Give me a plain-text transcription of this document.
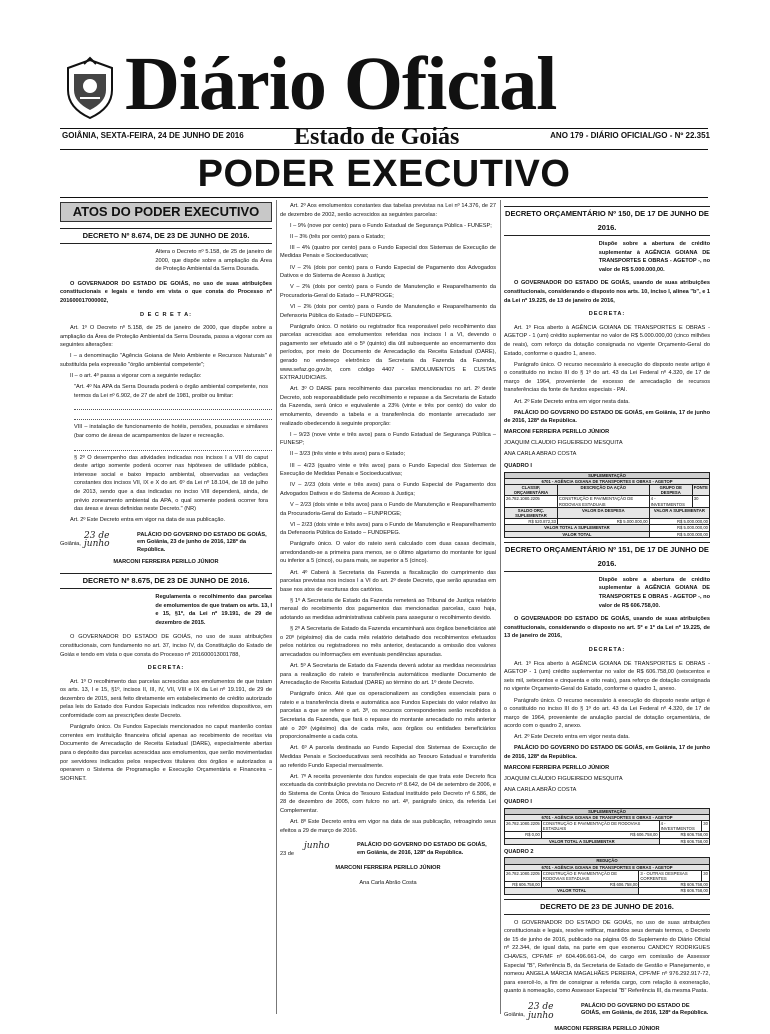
Diário Oficial
GOIÂNIA, SEXTA-FEIRA, 24 DE JUNHO DE 2016 Estado de Goiás	ANO 179 - DIÁRIO OFICIAL/GO - Nº 22.351
PODER EXECUTIVO
ATOS DO PODER EXECUTIVO
DECRETO Nº 8.674, DE 23 DE JUNHO DE 2016.
Altera o Decreto nº 5.158, de 25 de janeiro de 2000, que dispõe sobre a ampliação da Área de Proteção Ambiental da Serra Dourada.

O GOVERNADOR DO ESTADO DE GOIÁS, no uso de suas atribuições constitucionais e legais e tendo em vista o que consta do Processo nº 201600017000002,

D E C R E T A:

Art. 1º O Decreto nº 5.158, de 25 de janeiro de 2000, que dispõe sobre a ampliação da Área de Proteção Ambiental da Serra Dourada, passa a vigorar com as seguintes alterações:

I – a denominação "Agência Goiana de Meio Ambiente e Recursos Naturais" é substituída pela expressão "órgão ambiental competente";

II – o art. 4º passa a vigorar com a seguinte redação:

"Art. 4º Na APA da Serra Dourada poderá o órgão ambiental competente, nos termos da Lei nº 6.902, de 27 de abril de 1981, proibir ou limitar:

VIII – instalação de funcionamento de hotéis, pensões, pousadas e similares (bar como de áreas de acampamentos de lazer e recreação.

§ 2º O desempenho das atividades indicadas nos incisos I a VIII do caput deste artigo somente poderá ocorrer nas hipóteses de utilidade pública, interesse social e baixo impacto ambiental, observadas as vedações constantes dos incisos VII, IX e X do art. 6º da Lei nº 18.104, de 18 de julho de 2013, sendo que a das indicadas no inciso VIII dependerá, ainda, de prévio zoneamento ambiental da APA, o qual somente poderá ocorrer fora das áreas e áreas definidas neste Decreto." (NR)

Art. 2º Este Decreto entra em vigor na data de sua publicação.

Goiânia,
23 de junho
PALÁCIO DO GOVERNO DO ESTADO DE GOIÁS, em Goiânia, 23 de junho de 2016, 128º da República.
MARCONI FERREIRA PERILLO JÚNIOR
DECRETO Nº 8.675, DE 23 DE JUNHO DE 2016.
Regulamenta o recolhimento das parcelas de emolumentos de que tratam os arts. 13, I e 15, §1º, da Lei nº 19.191, de 29 de dezembro de 2015.

O GOVERNADOR DO ESTADO DE GOIÁS, no uso de suas atribuições constitucionais, com fundamento no art. 37, inciso IV, da Constituição do Estado de Goiás e tendo em vista o que consta do Processo nº 201600013001788,

DECRETA:

Art. 1º O recolhimento das parcelas acrescidas aos emolumentos de que tratam os arts. 13, I e 15, §1º, incisos II, III, IV, VII, VIII e IX da Lei nº 19.191, de 29 de dezembro de 2015, será feito diretamente em estabelecimento de crédito autorizado pelas leis do Estado dos Fundos Especiais indicados nos referidos dispositivos, em conformidade com as prescrições deste Decreto.

Parágrafo único. Os Fundos Especiais mencionados no caput manterão contas correntes em instituição financeira oficial apenas ao recebimento de receitas via Documento de Arrecadação de Receita Estadual (DARE), especialmente abertas para o depósito das parcelas acrescidas aos emolumentos, que serão movimentadas por servidores indicados pelos respectivos titulares dos órgãos e autorizados a operarem o Sistema de Programação e Execução Orçamentária e Financeira – SIOFINET.

Art. 2º Aos emolumentos constantes das tabelas previstas na Lei nº 14.376, de 27 de dezembro de 2002, serão acrescidos as seguintes parcelas:

I – 9% (nove por cento) para o Fundo Estadual de Segurança Pública - FUNESP;

II – 3% (três por cento) para o Estado;

III – 4% (quatro por cento) para o Fundo Especial dos Sistemas de Execução de Medidas Penais e Socioeducativas;

IV – 2% (dois por cento) para o Fundo Especial de Pagamento dos Advogados Dativos e do Sistema de Acesso à Justiça;

V – 2% (dois por cento) para o Fundo de Manutenção e Reaparelhamento da Procuradoria-Geral do Estado – FUNPROGE;

VI – 2% (dois por cento) para o Fundo de Manutenção e Reaparelhamento da Defensoria Pública do Estado – FUNDEPEG.

Parágrafo único. O notário ou registrador fica responsável pelo recolhimento das parcelas acrescidas aos emolumentos referidas nos incisos I a VI, devendo o pagamento ser efetuado até o 5º (quinto) dia útil subsequente ao encerramento dos períodos, por meio de Documento de Arrecadação da Receita Estadual (DARE), gerado no endereço eletrônico da Secretaria da Fazenda da Fazenda, www.sefaz.go.gov.br, com código 4407 - EMOLUMENTOS E CUSTAS EXTRAJUDICIAIS.

Art. 3º O DARE para recolhimento das parcelas mencionadas no art. 2º deste Decreto, sob responsabilidade pelo recolhimento e repasse a da Secretaria de Estado da Fazenda, será único e equivalente a 23% (vinte e três por cento) do valor do emolumento, devendo a tabela e a transferência do montante arrecadado ser realizado obedecendo à seguinte proporção:

I – 9/23 (nove vinte e três avos) para o Fundo Estadual de Segurança Pública – FUNESP;

II – 3/23 (três vinte e três avos) para o Estado;

III – 4/23 (quatro vinte e três avos) para o Fundo Especial dos Sistemas de Execução de Medidas Penais e Socioeducativas;

IV – 2/23 (dois vinte e três avos) para o Fundo Especial de Pagamento dos Advogados Dativos e do Sistema de Acesso à Justiça;

V – 2/23 (dois vinte e três avos) para o Fundo de Manutenção e Reaparelhamento da Procuradoria-Geral do Estado – FUNPROGE;

VI – 2/23 (dois vinte e três avos) para o Fundo de Manutenção e Reaparelhamento da Defensoria Pública do Estado – FUNDEPEG.

Parágrafo único. O valor do rateio será calculado com duas casas decimais, arredondando-se a primeira para menos, se o último algarismo do montante for igual ou inferior a 5 (cinco), ou para mais, se superior a 5 (cinco).

Art. 4º Caberá à Secretaria da Fazenda a fiscalização do cumprimento das parcelas previstas nos incisos I a VI do art. 2º deste Decreto, que serão apuradas em base nos atos de escrituras dos cartórios.

§ 1º A Secretaria de Estado da Fazenda remeterá ao Tribunal de Justiça relatório mensal do recebimento dos pagamentos das mencionadas parcelas, caso haja, adotando as medidas administrativas cabíveis para assegurar o recolhimento devido.

§ 2º A Secretaria de Estado da Fazenda encaminhará aos órgãos beneficiários até o 20º (vigésimo) dia de cada mês relatório detalhado dos recolhimentos efetuados pelos notários ou registradores no mês anterior, destacando a omissão dos valores arrecadados ou informações em eventuais pendências apuradas.

Art. 5º A Secretaria de Estado da Fazenda deverá adotar as medidas necessárias para a realização do rateio e transferência automáticos mediante Documento de Arrecadação de Receita Estadual (DARE) ao término do art. 1º deste Decreto.

Parágrafo único. Até que os operacionalizem as condições essenciais para o rateio e a transferência direta e automática aos Fundos Especiais do valor relativo às parcelas a que se refere o art. 3º, os recursos correspondentes serão recolhidos à Secretaria da Fazenda, que fará o repasse do montante arrecadado no mês anterior até o 20º (vigésimo) dia de cada mês, aos órgãos ou entidades beneficiários proporcionalmente a cada cota.

Art. 6º A parcela destinada ao Fundo Especial dos Sistemas de Execução de Medidas Penais e Socioeducativas será recolhida ao Tesouro Estadual e transferida ao referido Fundo Especial mensalmente.

Art. 7º A receita proveniente dos fundos especiais de que trata este Decreto fica excetuada da contribuição prevista no Decreto nº 8.642, de 04 de setembro de 2006, e do Sistema de Conta Única do Tesouro Estadual instituído pelo Decreto nº 6.586, de 28 de dezembro de 2005, com fulcro no art. 4º, parágrafo único, da referida Lei Complementar.

Art. 8º Este Decreto entra em vigor na data de sua publicação, retroagindo seus efeitos a 29 de março de 2016.

23 de
junho	PALÁCIO DO GOVERNO DO ESTADO DE GOIÁS, em Goiânia, de 2016, 128º da República.
MARCONI FERREIRA PERILLO JÚNIOR
Ana Carla Abrão Costa
DECRETO ORÇAMENTÁRIO Nº 150, DE 17 DE JUNHO DE 2016.
Dispõe sobre a abertura de crédito suplementar à AGÊNCIA GOIANA DE TRANSPORTES E OBRAS - AGETOP -, no valor de R$ 5.000.000,00.

O GOVERNADOR DO ESTADO DE GOIÁS, usando de suas atribuições constitucionais, considerando o disposto nos arts. 10, inciso I, alínea "b", e 1 da Lei nº 19.225, de 13 de janeiro de 2016,

DECRETA:

Art. 1º Fica aberto à AGÊNCIA GOIANA DE TRANSPORTES E OBRAS - AGETOP - 1 (um) crédito suplementar no valor de R$ 5.000.000,00 (cinco milhões de reais), com reforço da dotação consignada no vigente Orçamento-Geral do Estado, conforme o quadro 1, anexo.

Parágrafo único. O recurso necessário à execução do disposto neste artigo é o constituído no inciso III do § 1º do art. 43 da Lei Federal nº 4.320, de 17 de março de 1964, proveniente de excesso de arrecadação de recursos transferências da fonte de fundos especiais - PAI.

Art. 2º Este Decreto entra em vigor nesta data.

PALÁCIO DO GOVERNO DO ESTADO DE GOIÁS, em Goiânia, 17 de junho de 2016, 128º da República.

MARCONI FERREIRA PERILLO JÚNIOR

JOAQUIM CLAUDIO FIGUEIREDO MESQUITA

ANA CARLA ABRAO COSTA

QUADRO I
SUPLEMENTAÇÃO			
6701 - AGÊNCIA GOIANA DE TRANSPORTES E OBRAS - AGETOP			
CLASSIF. ORÇAMENTÁRIA	DESCRIÇÃO DA AÇÃO	GRUPO DE DESPESA	FONTE
26.782.1080.2205	CONSTRUÇÃO E PAVIMENTAÇÃO DE RODOVIAS ESTADUAIS	4 - INVESTIMENTOS	30
SALDO ORÇ. SUPLEMENTAR	VALOR DA DESPESA	VALOR A SUPLEMENTAR	
R$ 520.872,33	R$ 5.000.000,00	R$ 5.000.000,00	
VALOR TOTAL A SUPLEMENTAR		R$ 5.000.000,00	
VALOR TOTAL		R$ 5.000.000,00	
DECRETO ORÇAMENTÁRIO Nº 151, DE 17 DE JUNHO DE 2016.
Dispõe sobre a abertura de crédito suplementar à AGÊNCIA GOIANA DE TRANSPORTES E OBRAS - AGETOP -, no valor de R$ 606.758,00.

O GOVERNADOR DO ESTADO DE GOIÁS, usando de suas atribuições constitucionais, considerando o disposto no art. 5º e 1º da Lei nº 19.225, de 13 de janeiro de 2016,

DECRETA:

Art. 1º Fica aberto à AGÊNCIA GOIANA DE TRANSPORTES E OBRAS - AGETOP - 1 (um) crédito suplementar no valor de R$ 606.758,00 (seiscentos e seis mil, setecentos e cinquenta e oito reais), para reforço de dotação consignada no vigente Orçamento-Geral do Estado, conforme o quadro 1, anexo.

Parágrafo único. O recurso necessário à execução do disposto neste artigo é o constituído no inciso III do § 1º do art. 43 da Lei Federal nº 4.320, de 17 de março de 1964, proveniente de anulação parcial de dotação orçamentária, de acordo com o quadro 2, anexo.

Art. 2º Este Decreto entra em vigor nesta data.

PALÁCIO DO GOVERNO DO ESTADO DE GOIÁS, em Goiânia, 17 de junho de 2016, 128º da República.

MARCONI FERREIRA PERILLO JÚNIOR

JOAQUIM CLÁUDIO FIGUEIREDO MESQUITA

ANA CARLA ABRÃO COSTA

QUADRO I
SUPLEMENTAÇÃO			
6701 - AGÊNCIA GOIANA DE TRANSPORTES E OBRAS - AGETOP			
26.782.1080.2205	CONSTRUÇÃO E PAVIMENTAÇÃO DE RODOVIAS ESTADUAIS	4 - INVESTIMENTOS	30
R$ 0,00	R$ 606.758,00	R$ 606.758,00	
VALOR TOTAL A SUPLEMENTAR		R$ 606.758,00	
QUADRO 2
REDUÇÃO			
6701 - AGÊNCIA GOIANA DE TRANSPORTES E OBRAS - AGETOP			
26.782.1080.2205	CONSTRUÇÃO E PAVIMENTAÇÃO DE RODOVIAS ESTADUAIS	3 - OUTRAS DESPESAS CORRENTES	30
R$ 606.758,00	R$ 606.758,00	R$ 606.758,00	
VALOR TOTAL		R$ 606.758,00	
DECRETO DE 23 DE JUNHO DE 2016.

O GOVERNADOR DO ESTADO DE GOIÁS, no uso de suas atribuições constitucionais e legais, resolve retificar, mantidos seus demais termos, o Decreto de 15 de junho de 2016, publicado na página 05 do Suplemento do Diário Oficial nº 22.344, de igual data, na parte em que exonerou CANDICY RODRIGUES CHAVES, CPF/MF nº 604.496.661-04, do cargo em comissão de Assessor Especial "B", Referência B, da Secretaria de Estado de Gestão e Planejamento, e nomeou ANGELA MÁRCIA MAGALHÃES PEREIRA, CPF/MF nº 976.292.917-72, para exercê-lo, a fim de consignar a referida cargo, com relação à exoneração, quanto à nomeação, como Assessor Especial "B" Referência III, da mesma Pasta.

Goiânia,
23 de junho
PALÁCIO DO GOVERNO DO ESTADO DE GOIÁS, em Goiânia, de 2016, 128º da República.
MARCONI FERREIRA PERILLO JÚNIOR
